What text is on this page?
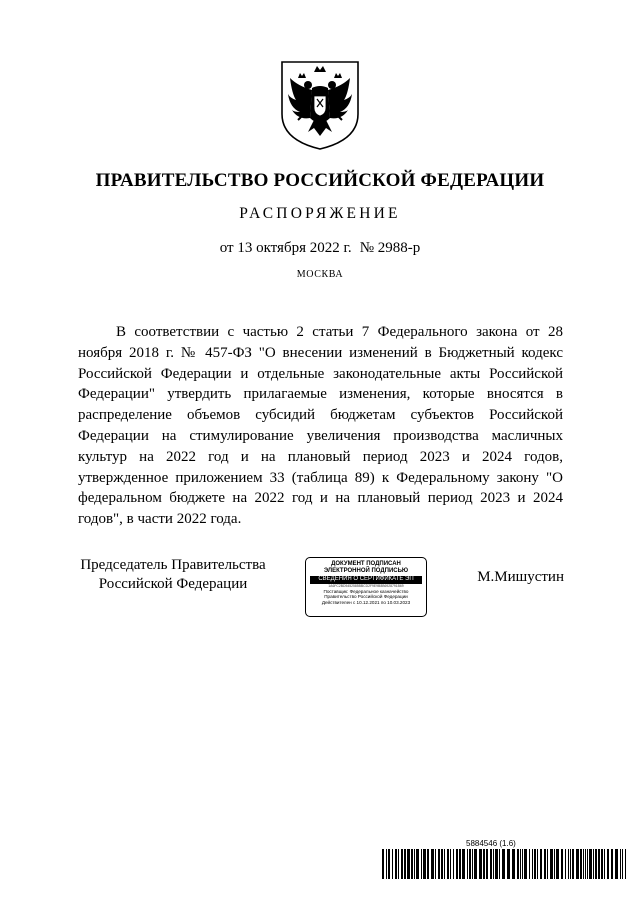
ПРАВИТЕЛЬСТВО РОССИЙСКОЙ ФЕДЕРАЦИИ
РАСПОРЯЖЕНИЕ
от 13 октября 2022 г. № 2988-р
МОСКВА

В соответствии с частью 2 статьи 7 Федерального закона от 28 ноября 2018 г. № 457-ФЗ "О внесении изменений в Бюджетный кодекс Российской Федерации и отдельные законодательные акты Российской Федерации" утвердить прилагаемые изменения, которые вносятся в распределение объемов субсидий бюджетам субъектов Российской Федерации на стимулирование увеличения производства масличных культур на 2022 год и на плановый период 2023 и 2024 годов, утвержденное приложением 33 (таблица 89) к Федеральному закону "О федеральном бюджете на 2022 год и на плановый период 2023 и 2024 годов", в части 2022 года.

Председатель Правительства
Российской Федерации
ДОКУМЕНТ ПОДПИСАН
ЭЛЕКТРОННОЙ ПОДПИСЬЮ
СВЕДЕНИЯ О СЕРТИФИКАТЕ ЭП
1A6FC2BD5452585BBCD2F9E9B8B6928791B69
Поставщик: Федеральное казначейство
Правительство Российской Федерации
Действителен с 10.12.2021 по 10.03.2023
М.Мишустин
5884546 (1.6)
